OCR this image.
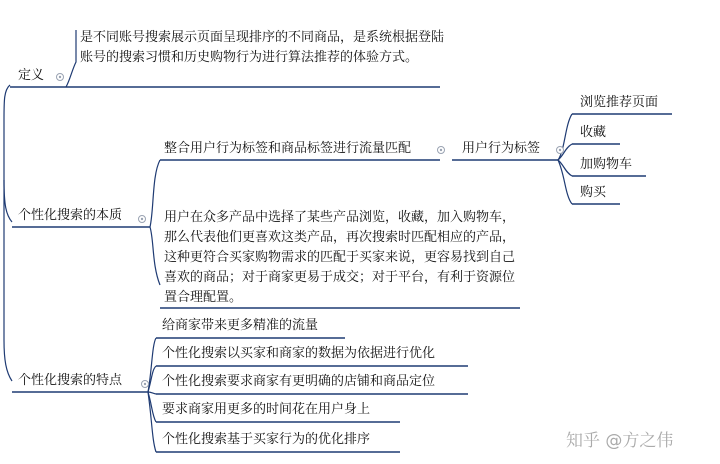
定义
是不同账号搜索展示页面呈现排序的不同商品，是系统根据登陆账号的搜索习惯和历史购物行为进行算法推荐的体验方式。
个性化搜索的本质
整合用户行为标签和商品标签进行流量匹配	用户行为标签
浏览推荐页面
收藏
加购物车
购买
用户在众多产品中选择了某些产品浏览，收藏，加入购物车，那么代表他们更喜欢这类产品，再次搜索时匹配相应的产品，这种更符合买家购物需求的匹配于买家来说，更容易找到自己喜欢的商品；对于商家更易于成交；对于平台，有利于资源位置合理配置。
个性化搜索的特点
给商家带来更多精准的流量
个性化搜索以买家和商家的数据为依据进行优化
个性化搜索要求商家有更明确的店铺和商品定位
要求商家用更多的时间花在用户身上
个性化搜索基于买家行为的优化排序	知乎 @方之伟
